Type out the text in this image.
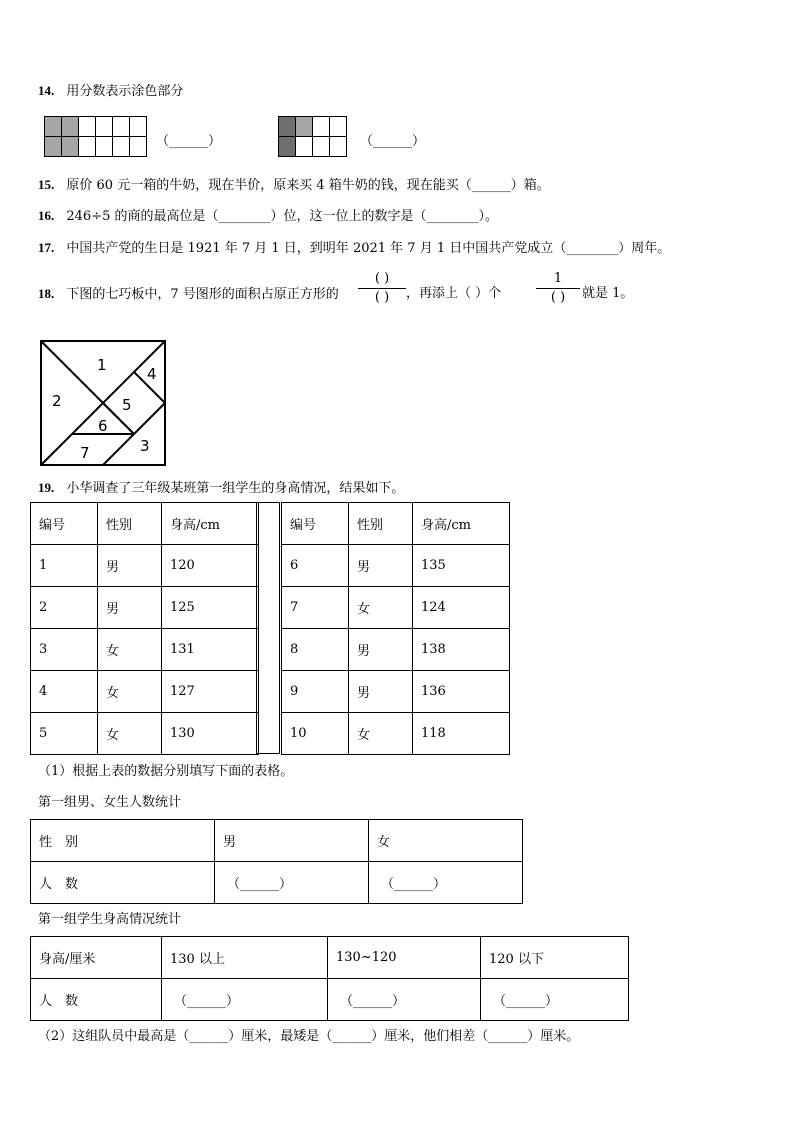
14. 用分数表示涂色部分

（______）

				（______）
15. 原价 60 元一箱的牛奶，现在半价，原来买 4 箱牛奶的钱，现在能买（______）箱。
16. 246÷5 的商的最高位是（________）位，这一位上的数字是（________）。
17. 中国共产党的生日是 1921 年 7 月 1 日，到明年 2021 年 7 月 1 日中国共产党成立（________）周年。
18. 下图的七巧板中，7 号图形的面积占原正方形的
( )
( )	，再添上（ ）个
1
( )	就是 1。
1
2
3
4
5
6
7
19. 小华调查了三年级某班第一组学生的身高情况，结果如下。
编号	性别	身高/cm
1	男	120
2	男	125
3	女	131
4	女	127
5	女	130
编号	性别	身高/cm
6	男	135
7	女	124
8	男	138
9	男	136
10	女	118
（1）根据上表的数据分别填写下面的表格。
第一组男、女生人数统计
性　别	男	女
人　数	（______）	（______）
第一组学生身高情况统计
身高/厘米	130 以上	130~120	120 以下
人　数	（______）	（______）	（______）
（2）这组队员中最高是（______）厘米，最矮是（______）厘米，他们相差（______）厘米。
